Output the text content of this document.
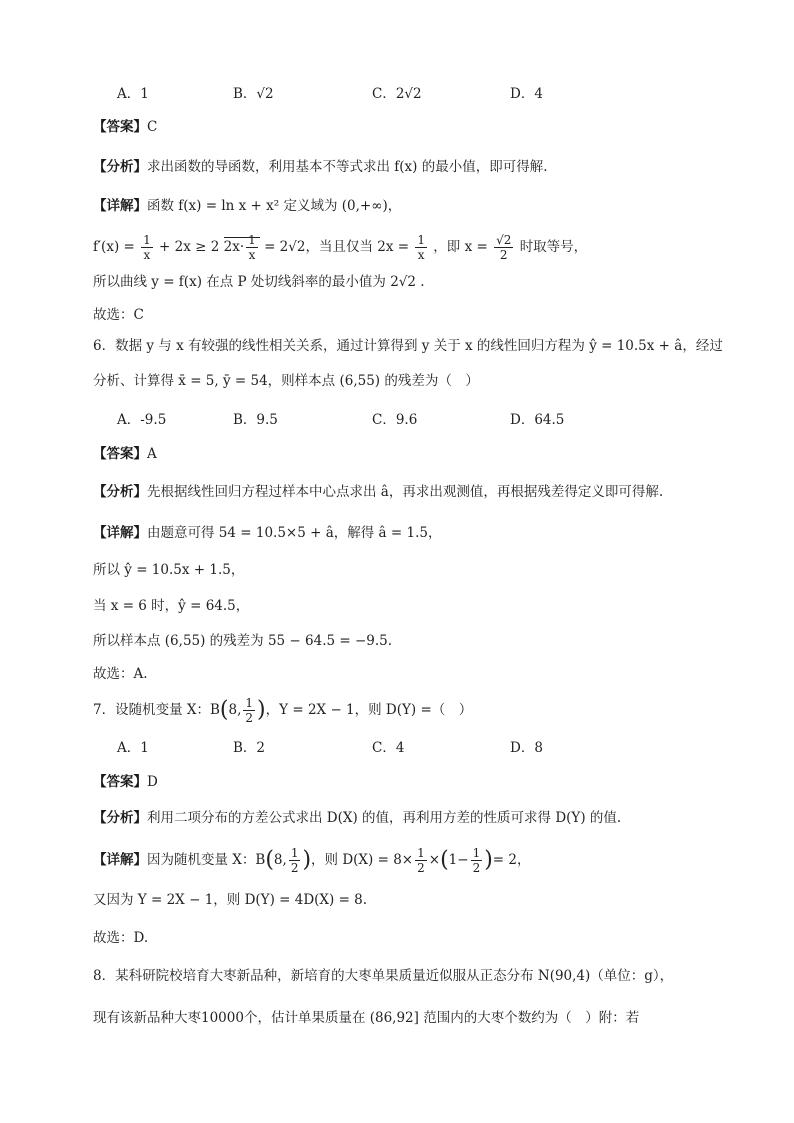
A．1	B．√2	C．2√2	D．4
【答案】C
【分析】求出函数的导函数，利用基本不等式求出 f(x) 的最小值，即可得解.
【详解】函数 f(x) = ln x + x² 定义域为 (0,+∞)，
$f'(x) = \frac{1}{x} + 2x \ge 2$ $2x\cdot \frac{1}{x} = 2√2$，当且仅当 $2x = \frac{1}{x}$ ，即 $x = \frac{√2}{2}$ 时取等号，
所以曲线 y = f(x) 在点 P 处切线斜率的最小值为 2√2 .
故选：C
6．数据 y 与 x 有较强的线性相关关系，通过计算得到 y 关于 x 的线性回归方程为 ŷ = 10.5x + â，经过
分析、计算得 x̄ = 5, ȳ = 54，则样本点 (6,55) 的残差为（　）
A．-9.5	B．9.5	C．9.6	D．64.5
【答案】A
【分析】先根据线性回归方程过样本中心点求出 â，再求出观测值，再根据残差得定义即可得解.
【详解】由题意可得 54 = 10.5×5 + â，解得 â = 1.5，
所以 ŷ = 10.5x + 1.5，
当 x = 6 时，ŷ = 64.5，
所以样本点 (6,55) 的残差为 55 − 64.5 = −9.5.
故选：A.
7．设随机变量 X：B(8, $\frac{1}{2}$ )，Y = 2X − 1，则 D(Y) =（　）
A．1	B．2	C．4	D．8
【答案】D
【分析】利用二项分布的方差公式求出 D(X) 的值，再利用方差的性质可求得 D(Y) 的值.
【详解】因为随机变量 X：B(8, $\frac{1}{2}$ )，则 $D(X) = 8\times \frac{1}{2} \times(1- \frac{1}{2}$ )= 2，
又因为 Y = 2X − 1，则 D(Y) = 4D(X) = 8.
故选：D.
8．某科研院校培育大枣新品种，新培育的大枣单果质量近似服从正态分布 N(90,4)（单位：g），
现有该新品种大枣10000个，估计单果质量在 (86,92] 范围内的大枣个数约为（　）附：若
